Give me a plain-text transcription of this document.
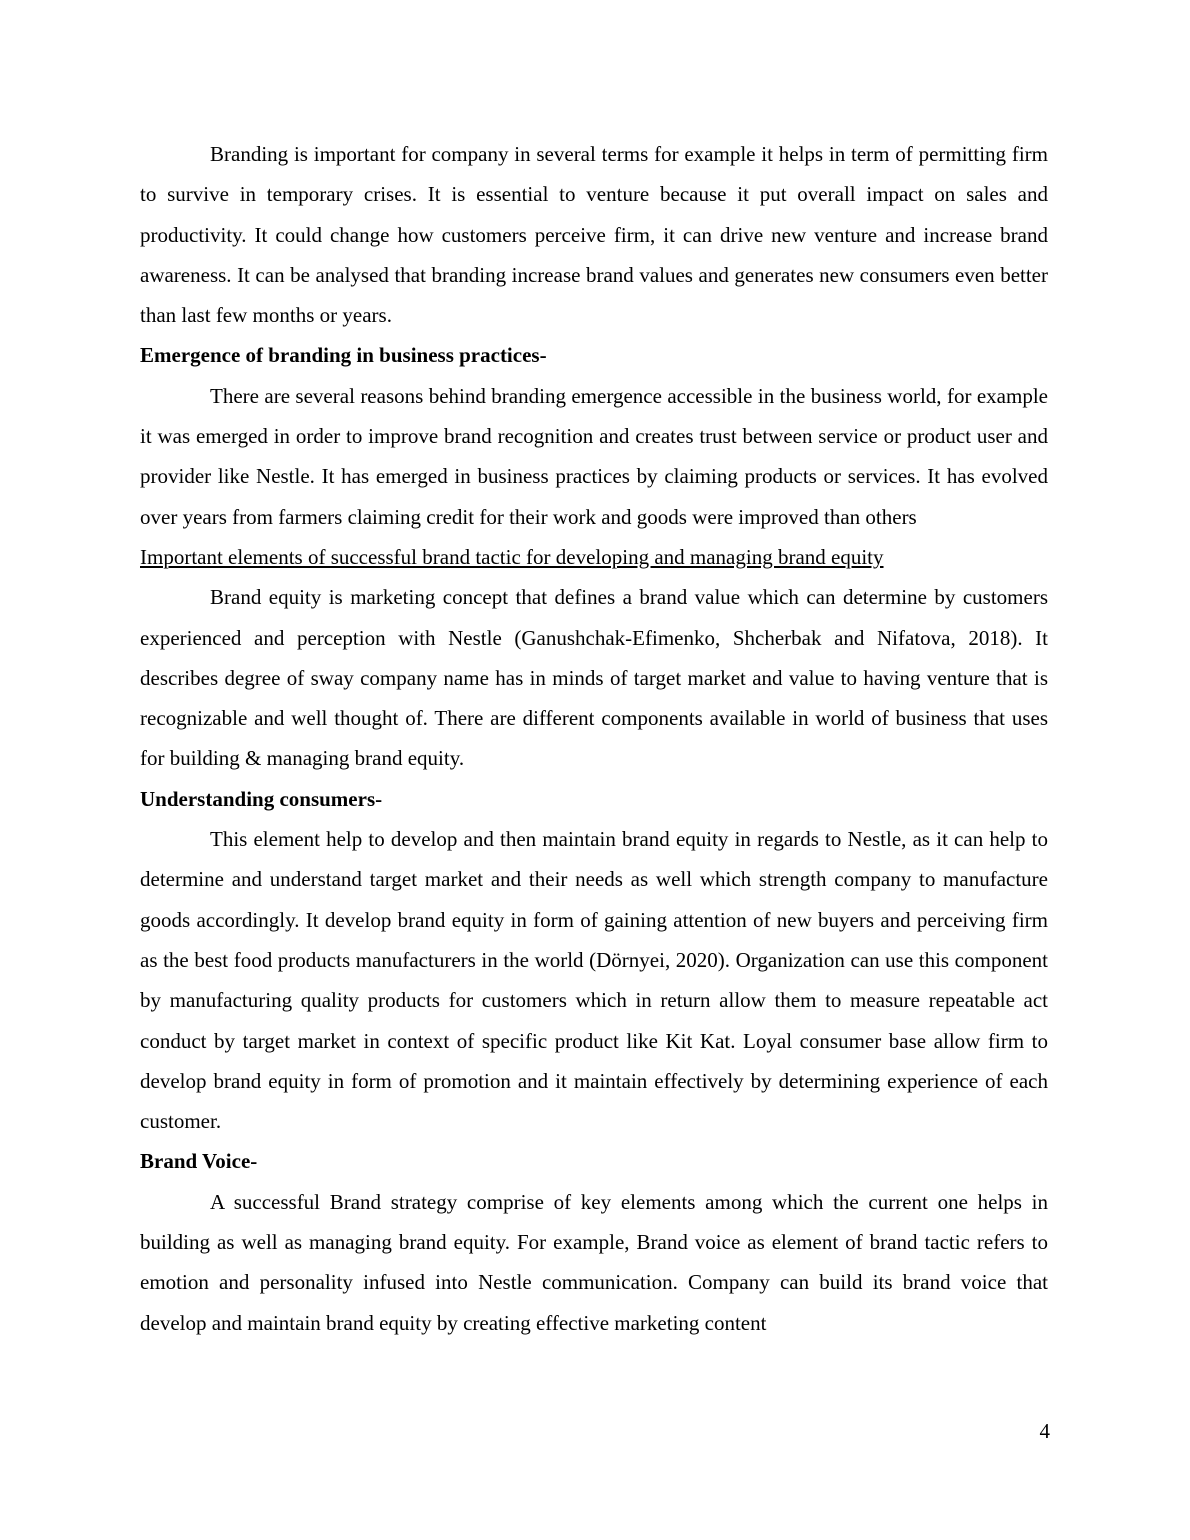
Branding is important for company in several terms for example it helps in term of permitting firm to survive in temporary crises. It is essential to venture because it put overall impact on sales and productivity. It could change how customers perceive firm, it can drive new venture and increase brand awareness. It can be analysed that branding increase brand values and generates new consumers even better than last few months or years.

Emergence of branding in business practices-

There are several reasons behind branding emergence accessible in the business world, for example it was emerged in order to improve brand recognition and creates trust between service or product user and provider like Nestle. It has emerged in business practices by claiming products or services. It has evolved over years from farmers claiming credit for their work and goods were improved than others

Important elements of successful brand tactic for developing and managing brand equity

Brand equity is marketing concept that defines a brand value which can determine by customers experienced and perception with Nestle (Ganushchak-Efimenko, Shcherbak and Nifatova, 2018). It describes degree of sway company name has in minds of target market and value to having venture that is recognizable and well thought of. There are different components available in world of business that uses for building & managing brand equity.

Understanding consumers-

This element help to develop and then maintain brand equity in regards to Nestle, as it can help to determine and understand target market and their needs as well which strength company to manufacture goods accordingly. It develop brand equity in form of gaining attention of new buyers and perceiving firm as the best food products manufacturers in the world (Dörnyei, 2020). Organization can use this component by manufacturing quality products for customers which in return allow them to measure repeatable act conduct by target market in context of specific product like Kit Kat. Loyal consumer base allow firm to develop brand equity in form of promotion and it maintain effectively by determining experience of each customer.

Brand Voice-

A successful Brand strategy comprise of key elements among which the current one helps in building as well as managing brand equity. For example, Brand voice as element of brand tactic refers to emotion and personality infused into Nestle communication. Company can build its brand voice that develop and maintain brand equity by creating effective marketing content

4
